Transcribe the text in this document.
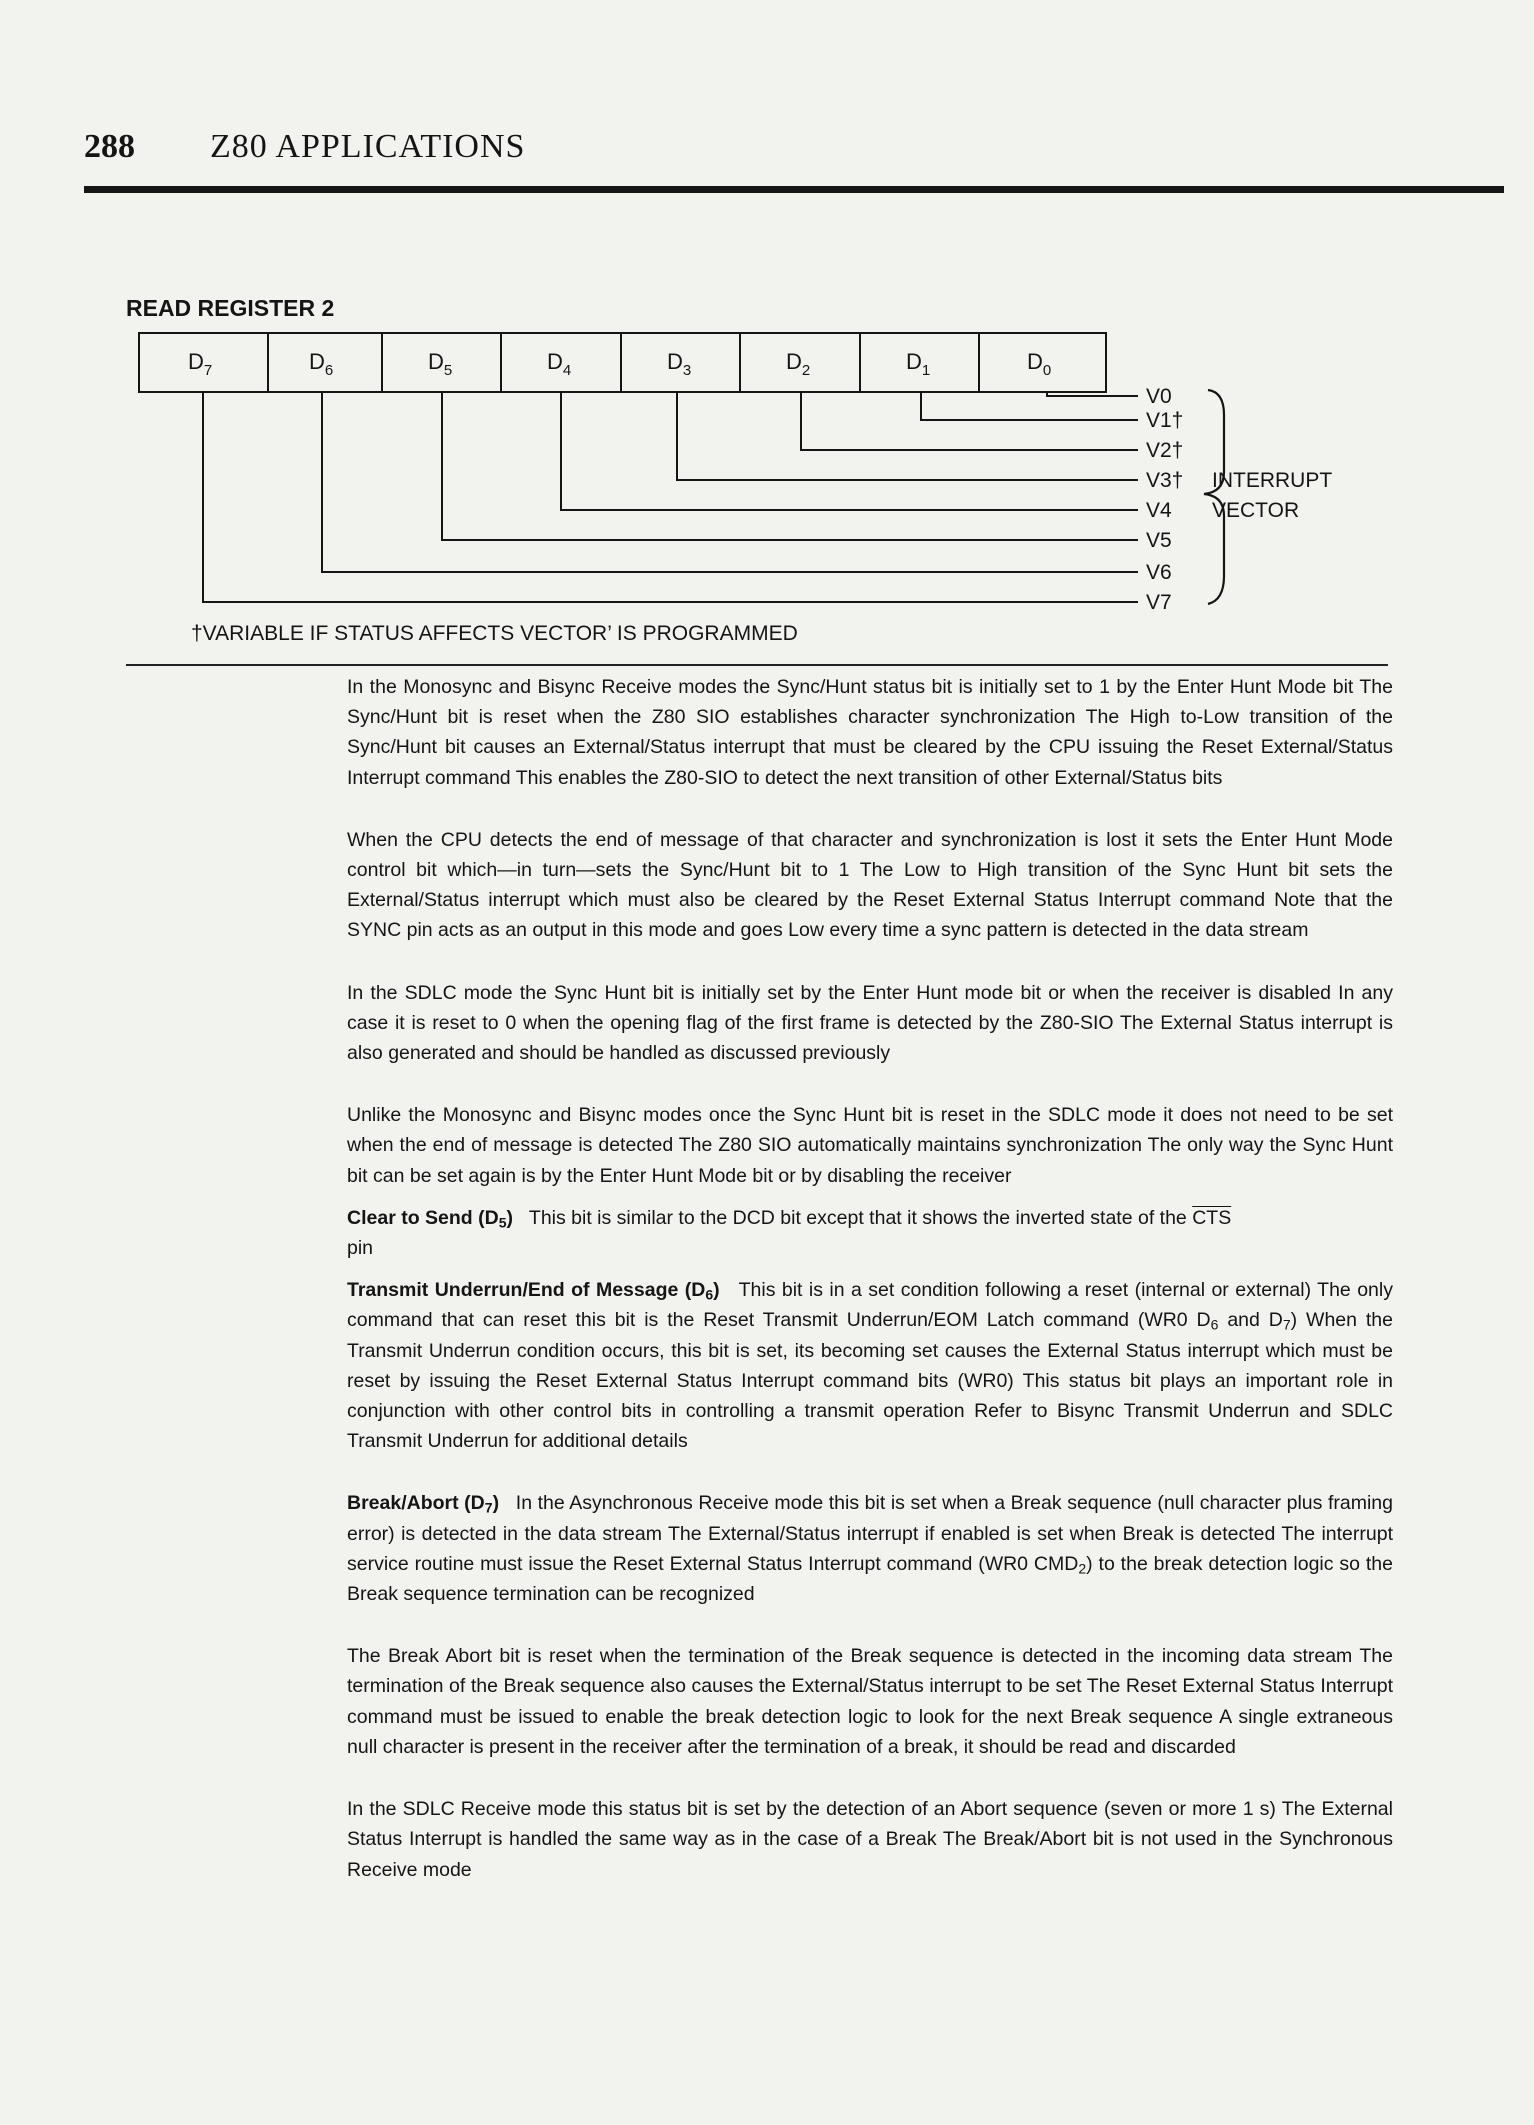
288 Z80 APPLICATIONS
READ REGISTER 2
$D_7$	$D_6$	$D_5$	$D_4$	$D_3$	$D_2$	$D_1$	$D_0$
V0
V1†
V2†
V3†
V4
V5
V6
V7
INTERRUPT
VECTOR
†VARIABLE IF STATUS AFFECTS VECTOR’ IS PROGRAMMED

In the Monosync and Bisync Receive modes the Sync/Hunt status bit is initially set to 1 by the Enter Hunt Mode bit The Sync/Hunt bit is reset when the Z80 SIO establishes character synchronization The High to-Low transition of the Sync/Hunt bit causes an External/Status interrupt that must be cleared by the CPU issuing the Reset External/Status Interrupt command This enables the Z80-SIO to detect the next transition of other External/Status bits

When the CPU detects the end of message of that character and synchronization is lost it sets the Enter Hunt Mode control bit which—in turn—sets the Sync/Hunt bit to 1 The Low to High transition of the Sync Hunt bit sets the External/Status interrupt which must also be cleared by the Reset External Status Interrupt command Note that the SYNC pin acts as an output in this mode and goes Low every time a sync pattern is detected in the data stream

In the SDLC mode the Sync Hunt bit is initially set by the Enter Hunt mode bit or when the receiver is disabled In any case it is reset to 0 when the opening flag of the first frame is detected by the Z80-SIO The External Status interrupt is also generated and should be handled as discussed previously

Unlike the Monosync and Bisync modes once the Sync Hunt bit is reset in the SDLC mode it does not need to be set when the end of message is detected The Z80 SIO automatically maintains synchronization The only way the Sync Hunt bit can be set again is by the Enter Hunt Mode bit or by disabling the receiver

Clear to Send $(D_5)$ This bit is similar to the DCD bit except that it shows the inverted state of the $\overline{CTS}$
pin

Transmit Underrun/End of Message $(D_6)$ This bit is in a set condition following a reset (internal or external) The only command that can reset this bit is the Reset Transmit Underrun/EOM Latch command (WR0 $D_6$ and $D_7$) When the Transmit Underrun condition occurs, this bit is set, its becoming set causes the External Status interrupt which must be reset by issuing the Reset External Status Interrupt command bits (WR0) This status bit plays an important role in conjunction with other control bits in controlling a transmit operation Refer to Bisync Transmit Underrun and SDLC Transmit Underrun for additional details

Break/Abort $(D_7)$ In the Asynchronous Receive mode this bit is set when a Break sequence (null character plus framing error) is detected in the data stream The External/Status interrupt if enabled is set when Break is detected The interrupt service routine must issue the Reset External Status Interrupt command (WR0 $CMD_2$) to the break detection logic so the Break sequence termination can be recognized

The Break Abort bit is reset when the termination of the Break sequence is detected in the incoming data stream The termination of the Break sequence also causes the External/Status interrupt to be set The Reset External Status Interrupt command must be issued to enable the break detection logic to look for the next Break sequence A single extraneous null character is present in the receiver after the termination of a break, it should be read and discarded

In the SDLC Receive mode this status bit is set by the detection of an Abort sequence (seven or more 1 s) The External Status Interrupt is handled the same way as in the case of a Break The Break/Abort bit is not used in the Synchronous Receive mode
